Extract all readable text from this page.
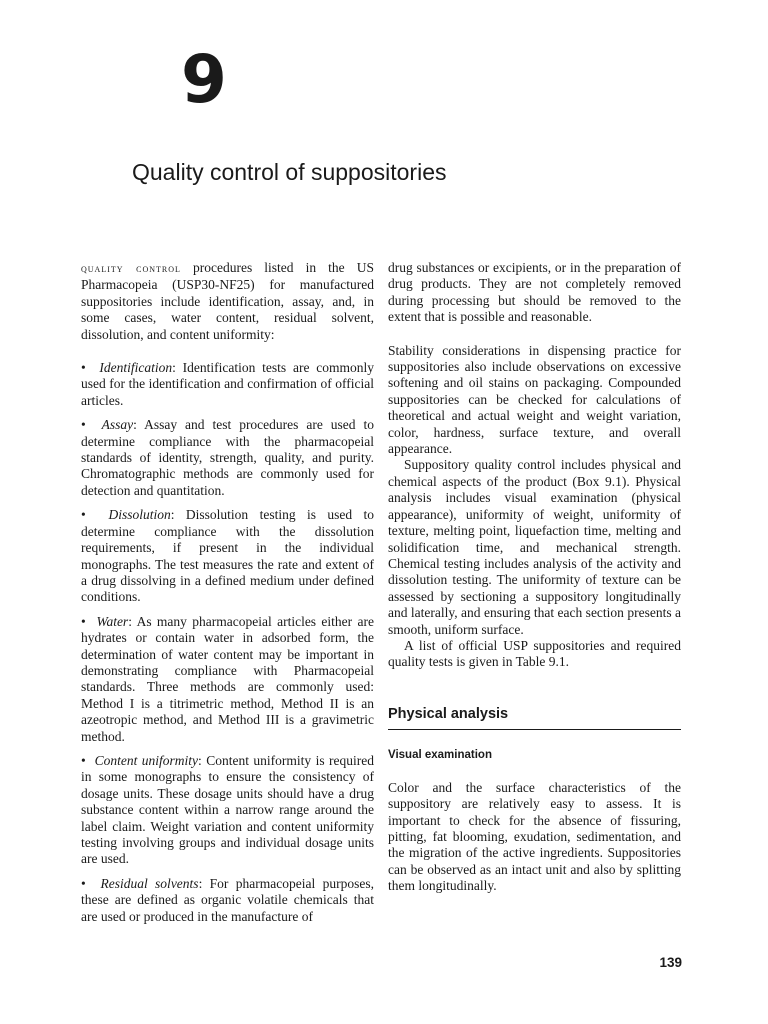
9
Quality control of suppositories

quality control procedures listed in the US Pharmacopeia (USP30-NF25) for manufactured suppositories include identification, assay, and, in some cases, water content, residual solvent, dissolution, and content uniformity:

•  Identification: Identification tests are commonly used for the identification and confirmation of official articles.

•  Assay: Assay and test procedures are used to determine compliance with the pharmacopeial standards of identity, strength, quality, and purity. Chromatographic methods are commonly used for detection and quantitation.

•  Dissolution: Dissolution testing is used to determine compliance with the dissolution requirements, if present in the individual monographs. The test measures the rate and extent of a drug dissolving in a defined medium under defined conditions.

•  Water: As many pharmacopeial articles either are hydrates or contain water in adsorbed form, the determination of water content may be important in demonstrating compliance with Pharmacopeial standards. Three methods are commonly used: Method I is a titrimetric method, Method II is an azeotropic method, and Method III is a gravimetric method.

•  Content uniformity: Content uniformity is required in some monographs to ensure the consistency of dosage units. These dosage units should have a drug substance content within a narrow range around the label claim. Weight variation and content uniformity testing involving groups and individual dosage units are used.

•  Residual solvents: For pharmacopeial purposes, these are defined as organic volatile chemicals that are used or produced in the manufacture of

drug substances or excipients, or in the preparation of drug products. They are not completely removed during processing but should be removed to the extent that is possible and reasonable.

Stability considerations in dispensing practice for suppositories also include observations on excessive softening and oil stains on packaging. Compounded suppositories can be checked for calculations of theoretical and actual weight and weight variation, color, hardness, surface texture, and overall appearance.

Suppository quality control includes physical and chemical aspects of the product (Box 9.1). Physical analysis includes visual examination (physical appearance), uniformity of weight, uniformity of texture, melting point, liquefaction time, melting and solidification time, and mechanical strength. Chemical testing includes analysis of the activity and dissolution testing. The uniformity of texture can be assessed by sectioning a suppository longitudinally and laterally, and ensuring that each section presents a smooth, uniform surface.

A list of official USP suppositories and required quality tests is given in Table 9.1.

Physical analysis

Visual examination

Color and the surface characteristics of the suppository are relatively easy to assess. It is important to check for the absence of fissuring, pitting, fat blooming, exudation, sedimentation, and the migration of the active ingredients. Suppositories can be observed as an intact unit and also by splitting them longitudinally.

139
